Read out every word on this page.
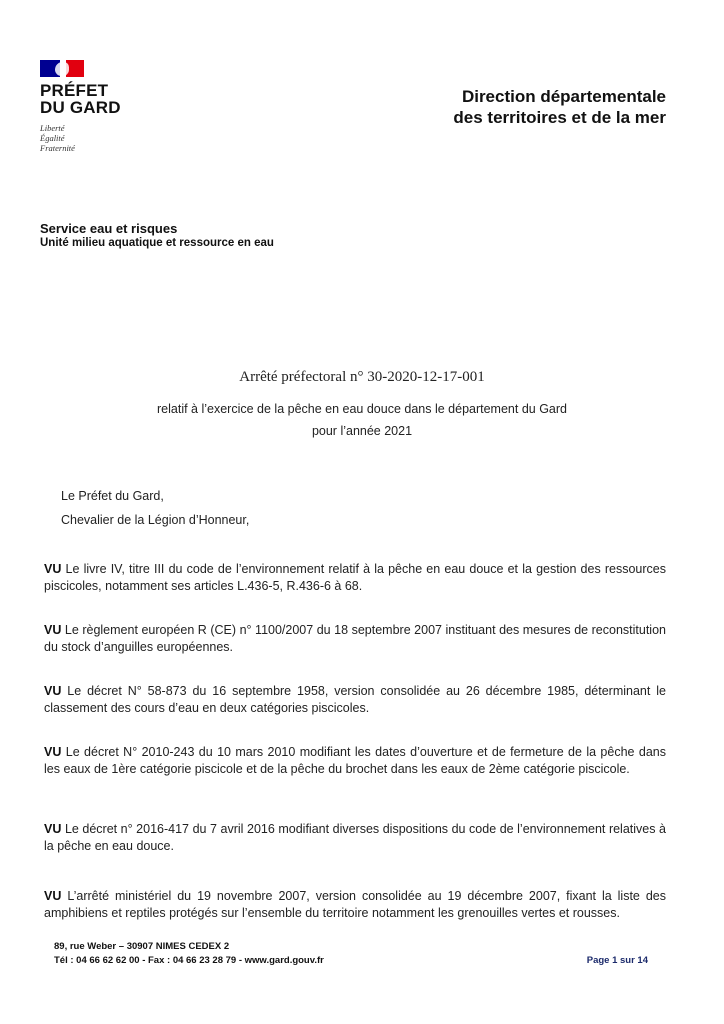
PRÉFET
DU GARD
Liberté
Égalité
Fraternité
Direction départementale
des territoires et de la mer
Service eau et risques
Unité milieu aquatique et ressource en eau
Arrêté préfectoral n° 30-2020-12-17-001
relatif à l’exercice de la pêche en eau douce dans le département du Gard
pour l’année 2021
Le Préfet du Gard,
Chevalier de la Légion d’Honneur,
VU Le livre IV, titre III du code de l’environnement relatif à la pêche en eau douce et la gestion des ressources piscicoles, notamment ses articles L.436-5, R.436-6 à 68.
VU Le règlement européen R (CE) n° 1100/2007 du 18 septembre 2007 instituant des mesures de reconstitution du stock d’anguilles européennes.
VU Le décret N° 58-873 du 16 septembre 1958, version consolidée au 26 décembre 1985, déterminant le classement des cours d’eau en deux catégories piscicoles.
VU Le décret N° 2010-243 du 10 mars 2010 modifiant les dates d’ouverture et de fermeture de la pêche dans les eaux de 1ère catégorie piscicole et de la pêche du brochet dans les eaux de 2ème catégorie piscicole.
VU Le décret n° 2016-417 du 7 avril 2016 modifiant diverses dispositions du code de l’environnement relatives à la pêche en eau douce.
VU L’arrêté ministériel du 19 novembre 2007, version consolidée au 19 décembre 2007, fixant la liste des amphibiens et reptiles protégés sur l’ensemble du territoire notamment les grenouilles vertes et rousses.
89, rue Weber – 30907 NIMES CEDEX 2
Tél : 04 66 62 62 00 - Fax : 04 66 23 28 79 - www.gard.gouv.fr	Page 1 sur 14
